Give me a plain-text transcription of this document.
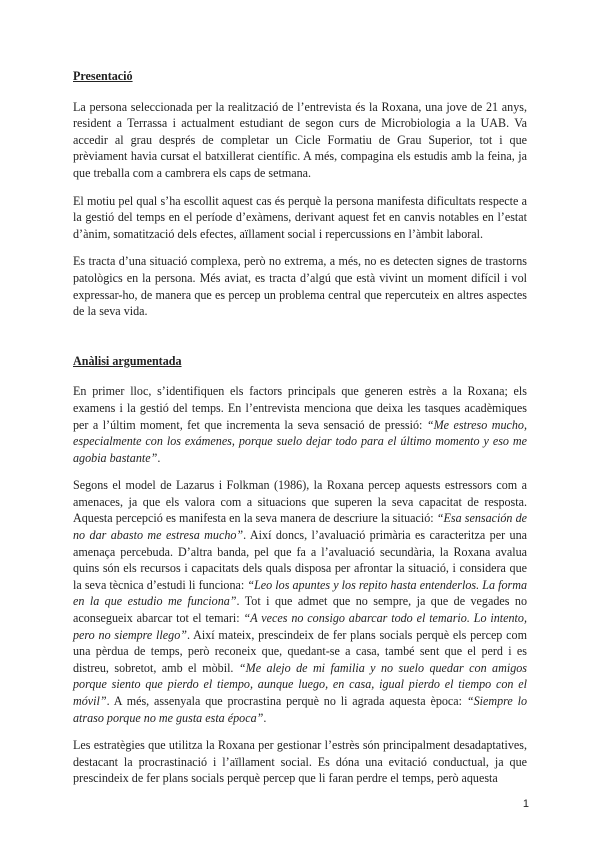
Presentació

La persona seleccionada per la realització de l’entrevista és la Roxana, una jove de 21 anys, resident a Terrassa i actualment estudiant de segon curs de Microbiologia a la UAB. Va accedir al grau després de completar un Cicle Formatiu de Grau Superior, tot i que prèviament havia cursat el batxillerat científic. A més, compagina els estudis amb la feina, ja que treballa com a cambrera els caps de setmana.

El motiu pel qual s’ha escollit aquest cas és perquè la persona manifesta dificultats respecte a la gestió del temps en el període d’exàmens, derivant aquest fet en canvis notables en l’estat d’ànim, somatització dels efectes, aïllament social i repercussions en l’àmbit laboral.

Es tracta d’una situació complexa, però no extrema, a més, no es detecten signes de trastorns patològics en la persona. Més aviat, es tracta d’algú que està vivint un moment difícil i vol expressar-ho, de manera que es percep un problema central que repercuteix en altres aspectes de la seva vida.

Anàlisi argumentada

En primer lloc, s’identifiquen els factors principals que generen estrès a la Roxana; els examens i la gestió del temps. En l’entrevista menciona que deixa les tasques acadèmiques per a l’últim moment, fet que incrementa la seva sensació de pressió: “Me estreso mucho, especialmente con los exámenes, porque suelo dejar todo para el último momento y eso me agobia bastante”.

Segons el model de Lazarus i Folkman (1986), la Roxana percep aquests estressors com a amenaces, ja que els valora com a situacions que superen la seva capacitat de resposta. Aquesta percepció es manifesta en la seva manera de descriure la situació: “Esa sensación de no dar abasto me estresa mucho”. Així doncs, l’avaluació primària es caracteritza per una amenaça percebuda. D’altra banda, pel que fa a l’avaluació secundària, la Roxana avalua quins són els recursos i capacitats dels quals disposa per afrontar la situació, i considera que la seva tècnica d’estudi li funciona: “Leo los apuntes y los repito hasta entenderlos. La forma en la que estudio me funciona”. Tot i que admet que no sempre, ja que de vegades no aconsegueix abarcar tot el temari: “A veces no consigo abarcar todo el temario. Lo intento, pero no siempre llego”. Així mateix, prescindeix de fer plans socials perquè els percep com una pèrdua de temps, però reconeix que, quedant-se a casa, també sent que el perd i es distreu, sobretot, amb el mòbil. “Me alejo de mi familia y no suelo quedar con amigos porque siento que pierdo el tiempo, aunque luego, en casa, igual pierdo el tiempo con el móvil”. A més, assenyala que procrastina perquè no li agrada aquesta època: “Siempre lo atraso porque no me gusta esta época”.

Les estratègies que utilitza la Roxana per gestionar l’estrès són principalment desadaptatives, destacant la procrastinació i l’aïllament social. Es dóna una evitació conductual, ja que prescindeix de fer plans socials perquè percep que li faran perdre el temps, però aquesta

1
